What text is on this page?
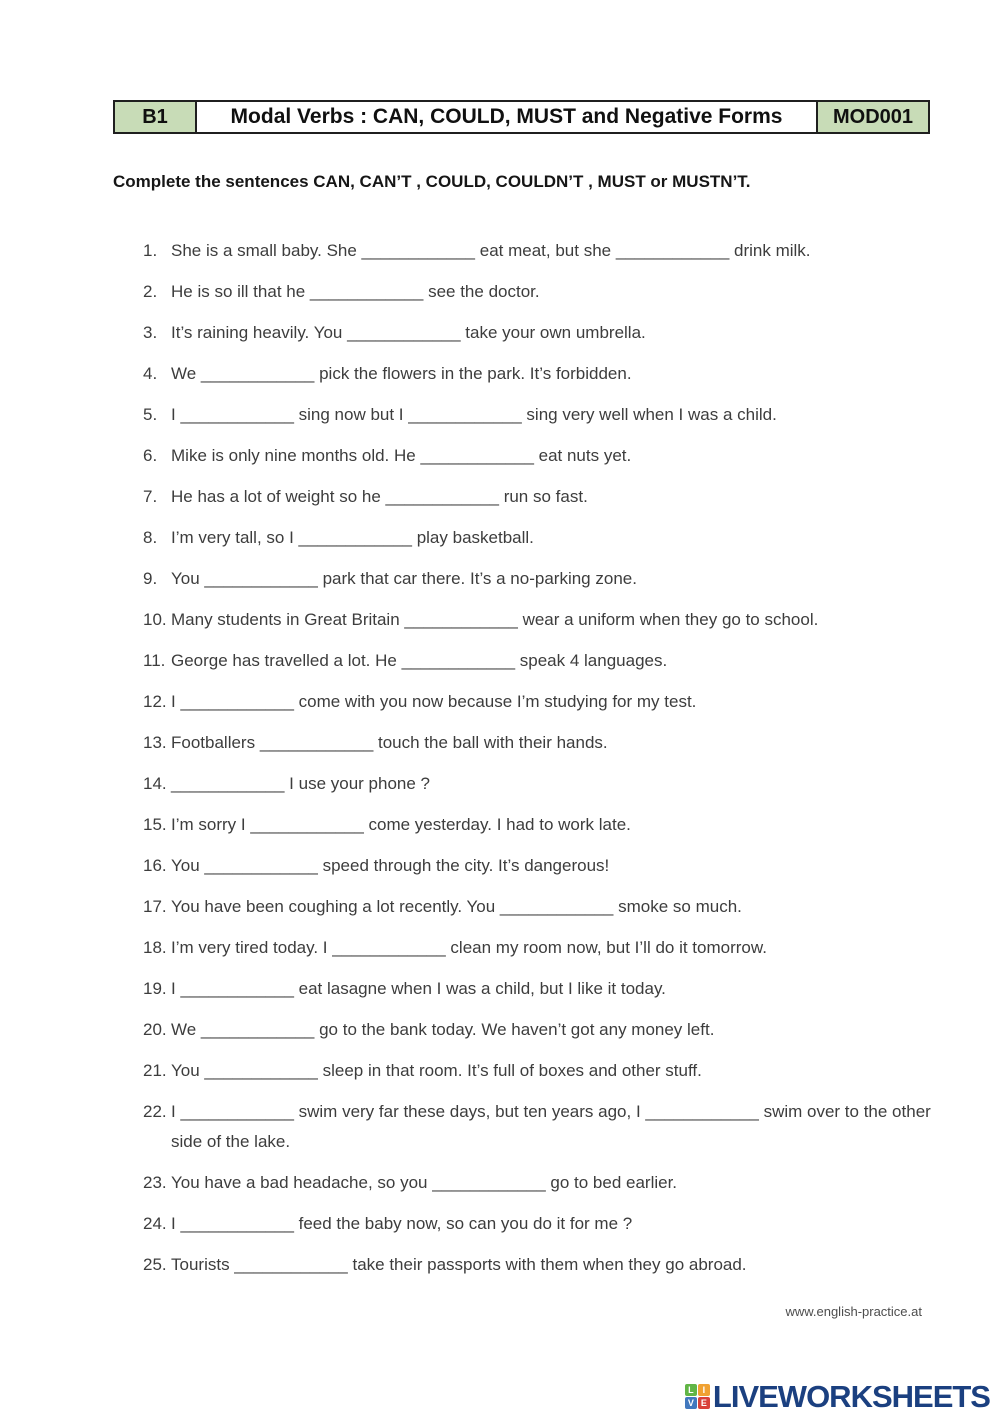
B1	Modal Verbs : CAN, COULD, MUST and Negative Forms	MOD001
Complete the sentences CAN, CAN’T , COULD, COULDN’T , MUST or MUSTN’T.
1. She is a small baby. She ____________ eat meat, but she ____________ drink milk.
2. He is so ill that he ____________ see the doctor.
3. It’s raining heavily. You ____________ take your own umbrella.
4. We ____________ pick the flowers in the park. It’s forbidden.
5. I ____________ sing now but I ____________ sing very well when I was a child.
6. Mike is only nine months old. He ____________ eat nuts yet.
7. He has a lot of weight so he ____________ run so fast.
8. I’m very tall, so I ____________ play basketball.
9. You ____________ park that car there. It’s a no-parking zone.
10. Many students in Great Britain ____________ wear a uniform when they go to school.
11. George has travelled a lot. He ____________ speak 4 languages.
12. I ____________ come with you now because I’m studying for my test.
13. Footballers ____________ touch the ball with their hands.
14. ____________ I use your phone ?
15. I’m sorry I ____________ come yesterday. I had to work late.
16. You ____________ speed through the city. It’s dangerous!
17. You have been coughing a lot recently. You ____________ smoke so much.
18. I’m very tired today. I ____________ clean my room now, but I’ll do it tomorrow.
19. I ____________ eat lasagne when I was a child, but I like it today.
20. We ____________ go to the bank today. We haven’t got any money left.
21. You ____________ sleep in that room. It’s full of boxes and other stuff.
22. I ____________ swim very far these days, but ten years ago, I ____________ swim over to the other side of the lake.
23. You have a bad headache, so you ____________ go to bed earlier.
24. I ____________ feed the baby now, so can you do it for me ?
25. Tourists ____________ take their passports with them when they go abroad.
www.english-practice.at
L I
V E LIVEWORKSHEETS
